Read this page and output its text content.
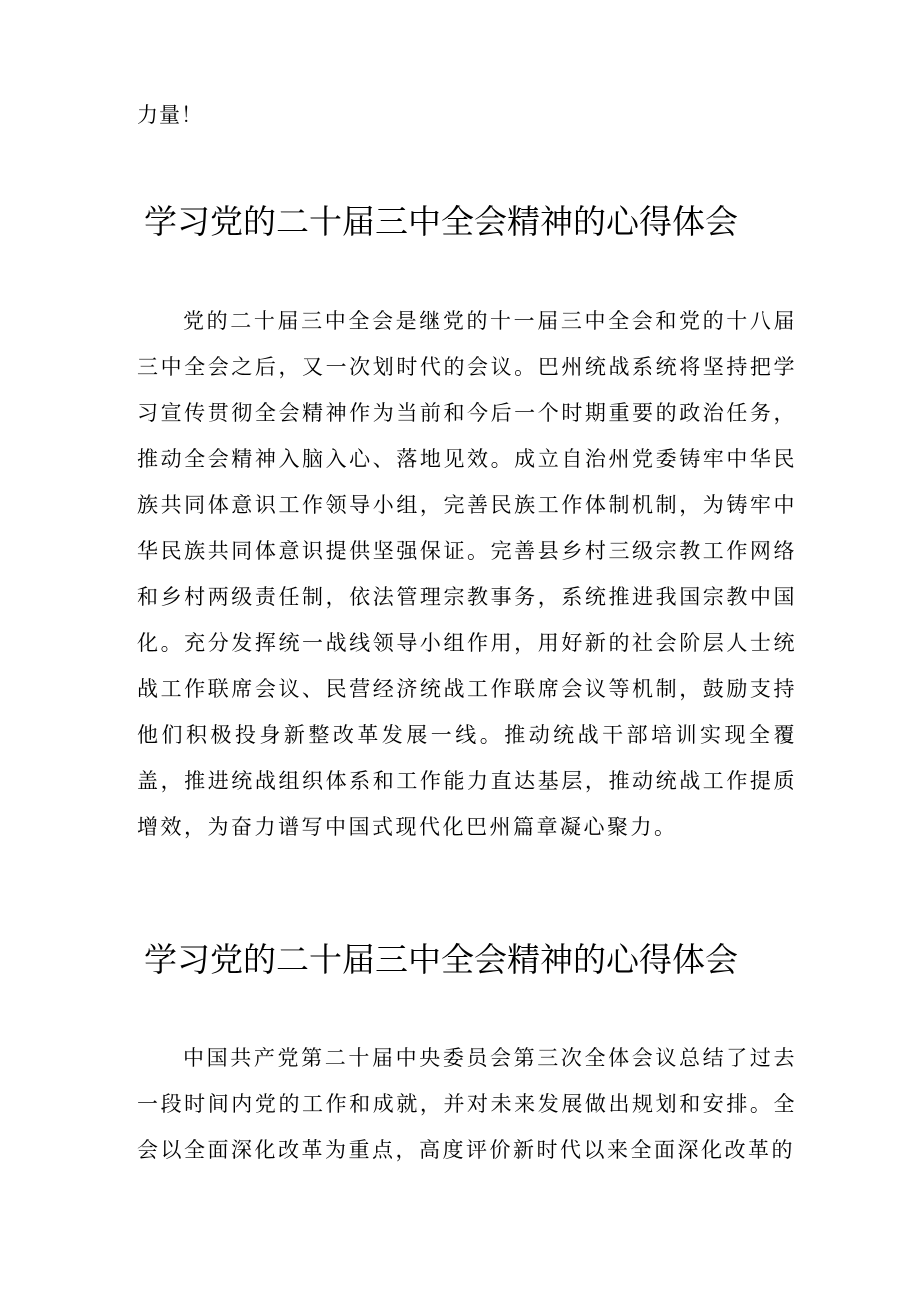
力量！
学习党的二十届三中全会精神的心得体会

党的二十届三中全会是继党的十一届三中全会和党的十八届三中全会之后，又一次划时代的会议。巴州统战系统将坚持把学习宣传贯彻全会精神作为当前和今后一个时期重要的政治任务，推动全会精神入脑入心、落地见效。成立自治州党委铸牢中华民族共同体意识工作领导小组，完善民族工作体制机制，为铸牢中华民族共同体意识提供坚强保证。完善县乡村三级宗教工作网络和乡村两级责任制，依法管理宗教事务，系统推进我国宗教中国化。充分发挥统一战线领导小组作用，用好新的社会阶层人士统战工作联席会议、民营经济统战工作联席会议等机制，鼓励支持他们积极投身新整改革发展一线。推动统战干部培训实现全覆盖，推进统战组织体系和工作能力直达基层，推动统战工作提质增效，为奋力谱写中国式现代化巴州篇章凝心聚力。

学习党的二十届三中全会精神的心得体会

中国共产党第二十届中央委员会第三次全体会议总结了过去一段时间内党的工作和成就，并对未来发展做出规划和安排。全会以全面深化改革为重点，高度评价新时代以来全面深化改革的
